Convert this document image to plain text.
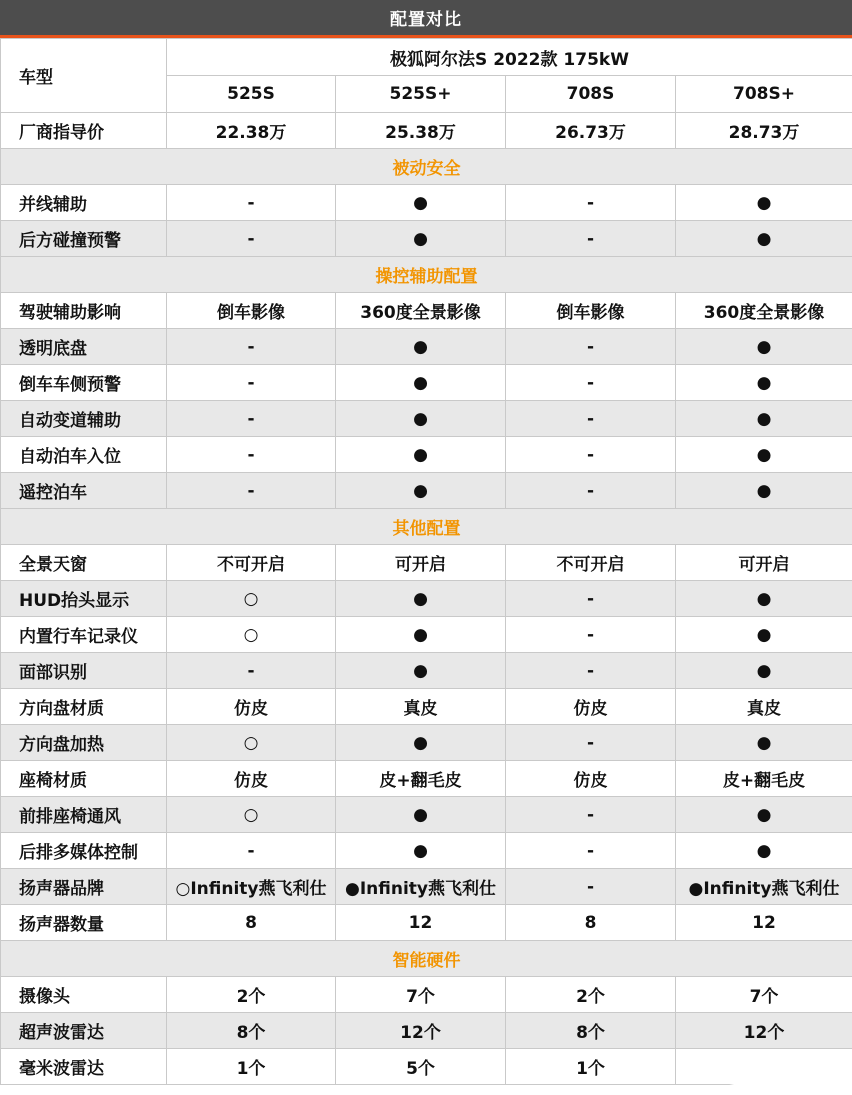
配置对比
车型	极狐阿尔法S 2022款 175kW			
	525S	525S+	708S	708S+
厂商指导价	22.38万	25.38万	26.73万	28.73万
被动安全				
并线辅助	-	●	-	●
后方碰撞预警	-	●	-	●
操控辅助配置				
驾驶辅助影响	倒车影像	360度全景影像	倒车影像	360度全景影像
透明底盘	-	●	-	●
倒车车侧预警	-	●	-	●
自动变道辅助	-	●	-	●
自动泊车入位	-	●	-	●
遥控泊车	-	●	-	●
其他配置				
全景天窗	不可开启	可开启	不可开启	可开启
HUD抬头显示	○	●	-	●
内置行车记录仪	○	●	-	●
面部识别	-	●	-	●
方向盘材质	仿皮	真皮	仿皮	真皮
方向盘加热	○	●	-	●
座椅材质	仿皮	皮+翻毛皮	仿皮	皮+翻毛皮
前排座椅通风	○	●	-	●
后排多媒体控制	-	●	-	●
扬声器品牌	○Infinity燕飞利仕	●Infinity燕飞利仕	-	●Infinity燕飞利仕
扬声器数量	8	12	8	12
智能硬件				
摄像头	2个	7个	2个	7个
超声波雷达	8个	12个	8个	12个
毫米波雷达	1个	5个	1个	
